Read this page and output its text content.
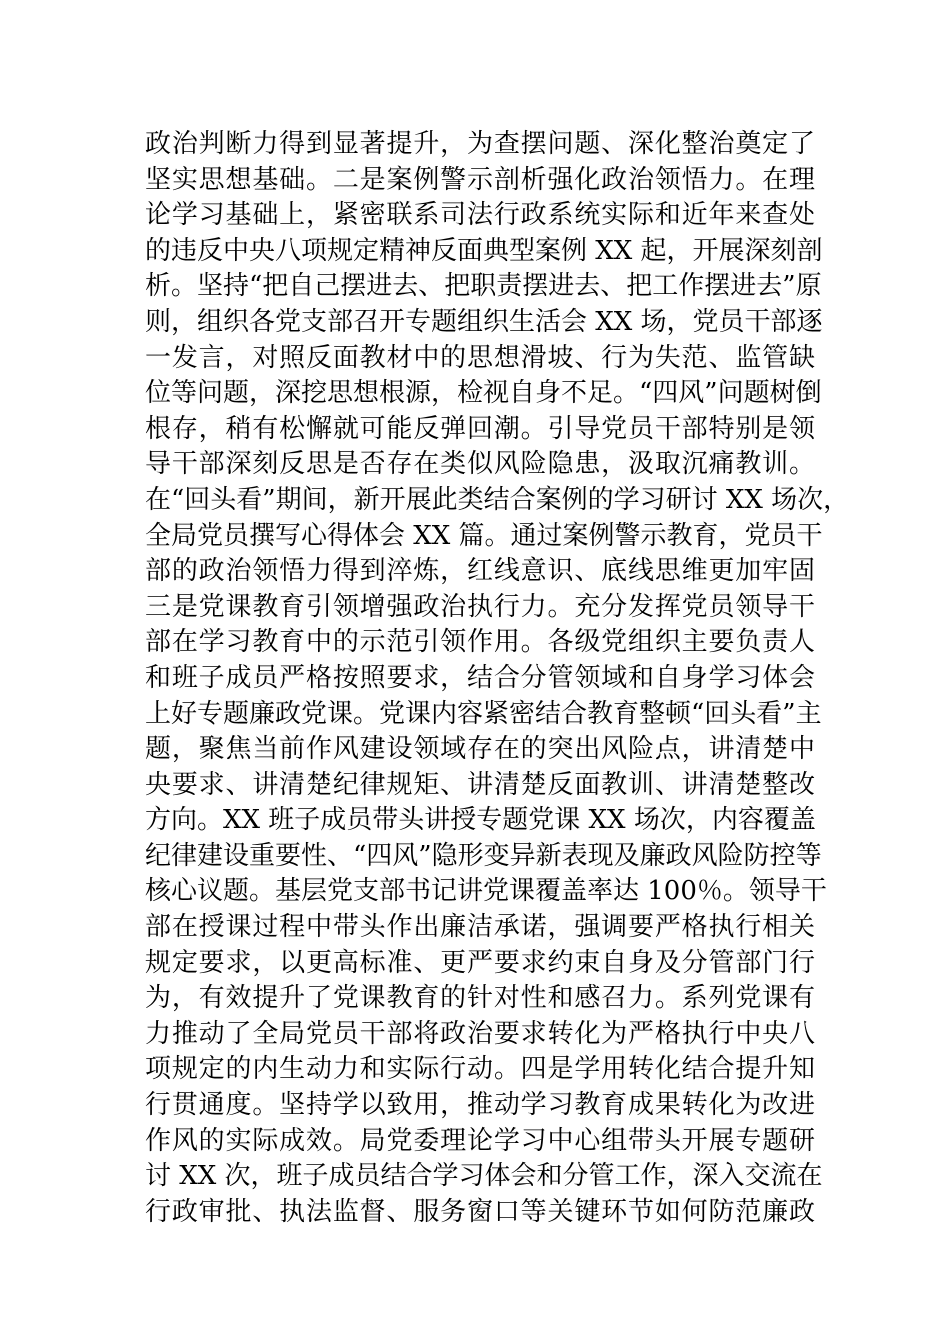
政治判断力得到显著提升，为查摆问题、深化整治奠定了
坚实思想基础。二是案例警示剖析强化政治领悟力。在理
论学习基础上，紧密联系司法行政系统实际和近年来查处
的违反中央八项规定精神反面典型案例 XX 起，开展深刻剖
析。坚持“把自己摆进去、把职责摆进去、把工作摆进去”原
则，组织各党支部召开专题组织生活会 XX 场，党员干部逐
一发言，对照反面教材中的思想滑坡、行为失范、监管缺
位等问题，深挖思想根源，检视自身不足。“四风”问题树倒
根存，稍有松懈就可能反弹回潮。引导党员干部特别是领
导干部深刻反思是否存在类似风险隐患，汲取沉痛教训。
在“回头看”期间，新开展此类结合案例的学习研讨 XX 场次，
全局党员撰写心得体会 XX 篇。通过案例警示教育，党员干
部的政治领悟力得到淬炼，红线意识、底线思维更加牢固
三是党课教育引领增强政治执行力。充分发挥党员领导干
部在学习教育中的示范引领作用。各级党组织主要负责人
和班子成员严格按照要求，结合分管领域和自身学习体会
上好专题廉政党课。党课内容紧密结合教育整顿“回头看”主
题，聚焦当前作风建设领域存在的突出风险点，讲清楚中
央要求、讲清楚纪律规矩、讲清楚反面教训、讲清楚整改
方向。XX 班子成员带头讲授专题党课 XX 场次，内容覆盖
纪律建设重要性、“四风”隐形变异新表现及廉政风险防控等
核心议题。基层党支部书记讲党课覆盖率达 100％。领导干
部在授课过程中带头作出廉洁承诺，强调要严格执行相关
规定要求，以更高标准、更严要求约束自身及分管部门行
为，有效提升了党课教育的针对性和感召力。系列党课有
力推动了全局党员干部将政治要求转化为严格执行中央八
项规定的内生动力和实际行动。四是学用转化结合提升知
行贯通度。坚持学以致用，推动学习教育成果转化为改进
作风的实际成效。局党委理论学习中心组带头开展专题研
讨 XX 次，班子成员结合学习体会和分管工作，深入交流在
行政审批、执法监督、服务窗口等关键环节如何防范廉政
